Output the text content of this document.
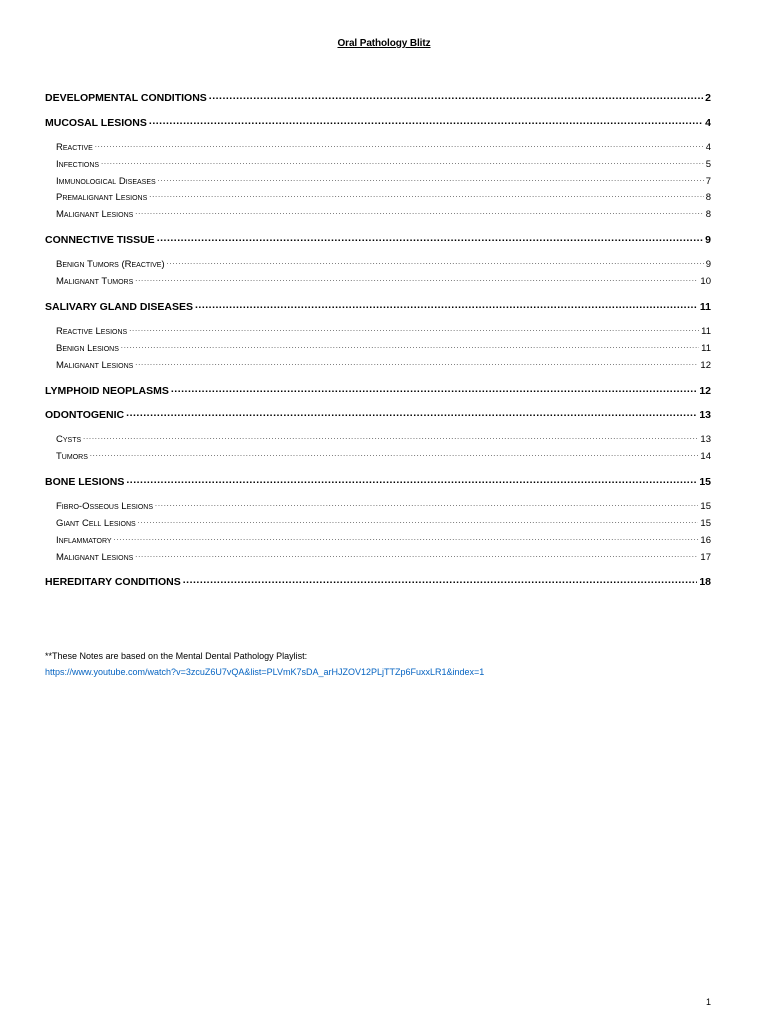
Oral Pathology Blitz
DEVELOPMENTAL CONDITIONS .....	2
MUCOSAL LESIONS .....	4
Reactive .....	4
Infections .....	5
Immunological Diseases .....	7
Premalignant Lesions .....	8
Malignant Lesions .....	8
CONNECTIVE TISSUE .....	9
Benign Tumors (Reactive) .....	9
Malignant Tumors .....	10
SALIVARY GLAND DISEASES .....	11
Reactive Lesions .....	11
Benign Lesions .....	11
Malignant Lesions .....	12
LYMPHOID NEOPLASMS .....	12
ODONTOGENIC .....	13
Cysts .....	13
Tumors .....	14
BONE LESIONS .....	15
Fibro-Osseous Lesions .....	15
Giant Cell Lesions .....	15
Inflammatory .....	16
Malignant Lesions .....	17
HEREDITARY CONDITIONS .....	18
**These Notes are based on the Mental Dental Pathology Playlist:
https://www.youtube.com/watch?v=3zcuZ6U7vQA&list=PLVmK7sDA_arHJZOV12PLjTTZp6FuxxLR1&index=1
1
